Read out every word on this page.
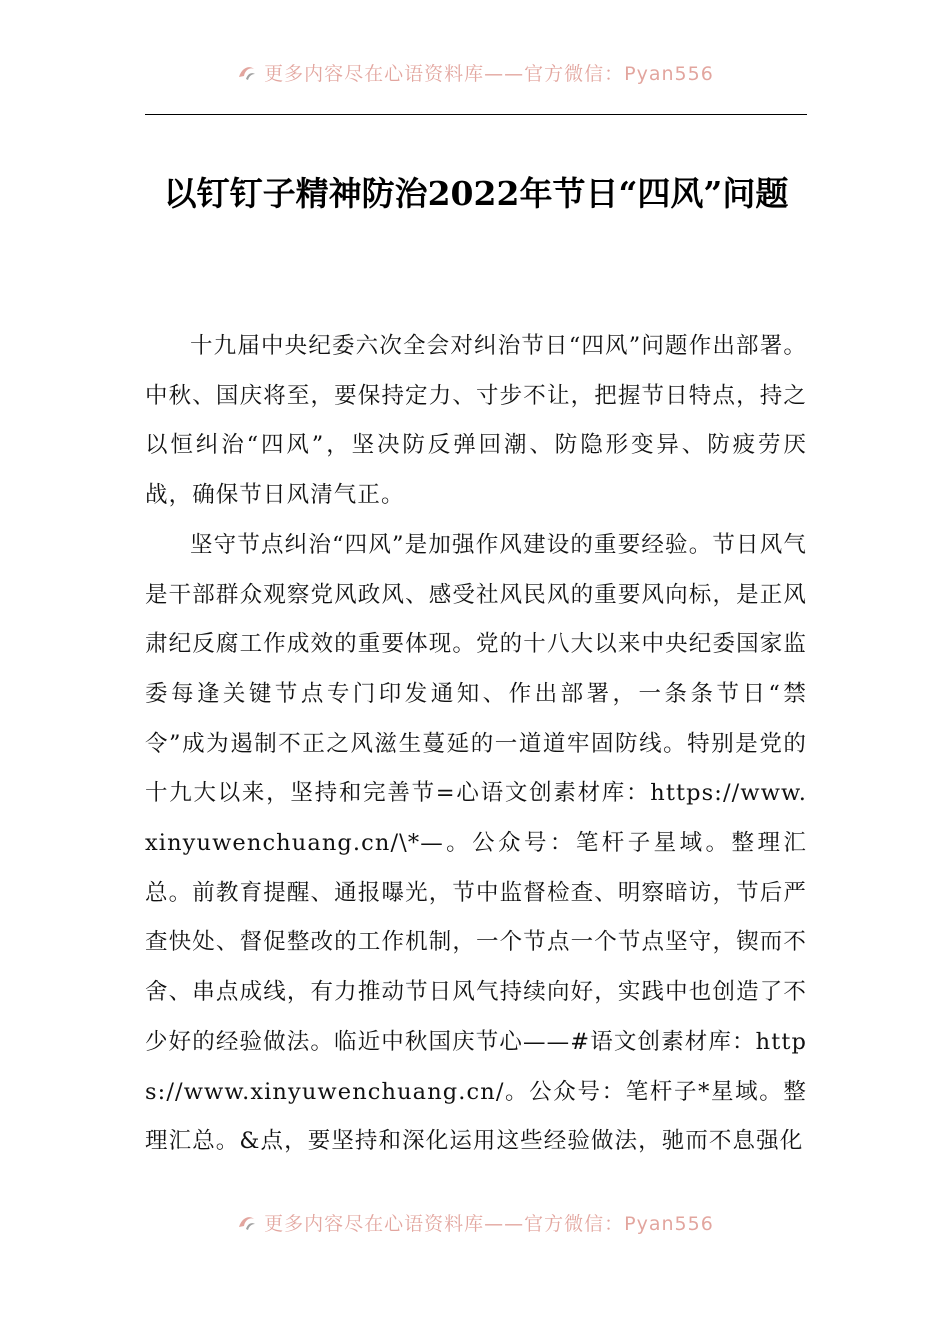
更多内容尽在心语资料库——官方微信：Pyan556
以钉钉子精神防治2022年节日“四风”问题

十九届中央纪委六次全会对纠治节日“四风”问题作出部署。中秋、国庆将至，要保持定力、寸步不让，把握节日特点，持之以恒纠治“四风”，坚决防反弹回潮、防隐形变异、防疲劳厌战，确保节日风清气正。

坚守节点纠治“四风”是加强作风建设的重要经验。节日风气是干部群众观察党风政风、感受社风民风的重要风向标，是正风肃纪反腐工作成效的重要体现。党的十八大以来中央纪委国家监委每逢关键节点专门印发通知、作出部署，一条条节日“禁令”成为遏制不正之风滋生蔓延的一道道牢固防线。特别是党的十九大以来，坚持和完善节=心语文创素材库：https://www.xinyuwenchuang.cn/\*—。公众号：笔杆子星域。整理汇总。前教育提醒、通报曝光，节中监督检查、明察暗访，节后严查快处、督促整改的工作机制，一个节点一个节点坚守，锲而不舍、串点成线，有力推动节日风气持续向好，实践中也创造了不少好的经验做法。临近中秋国庆节心——#语文创素材库：https://www.xinyuwenchuang.cn/。公众号：笔杆子*星域。整理汇总。&点，要坚持和深化运用这些经验做法，驰而不息强化

更多内容尽在心语资料库——官方微信：Pyan556
